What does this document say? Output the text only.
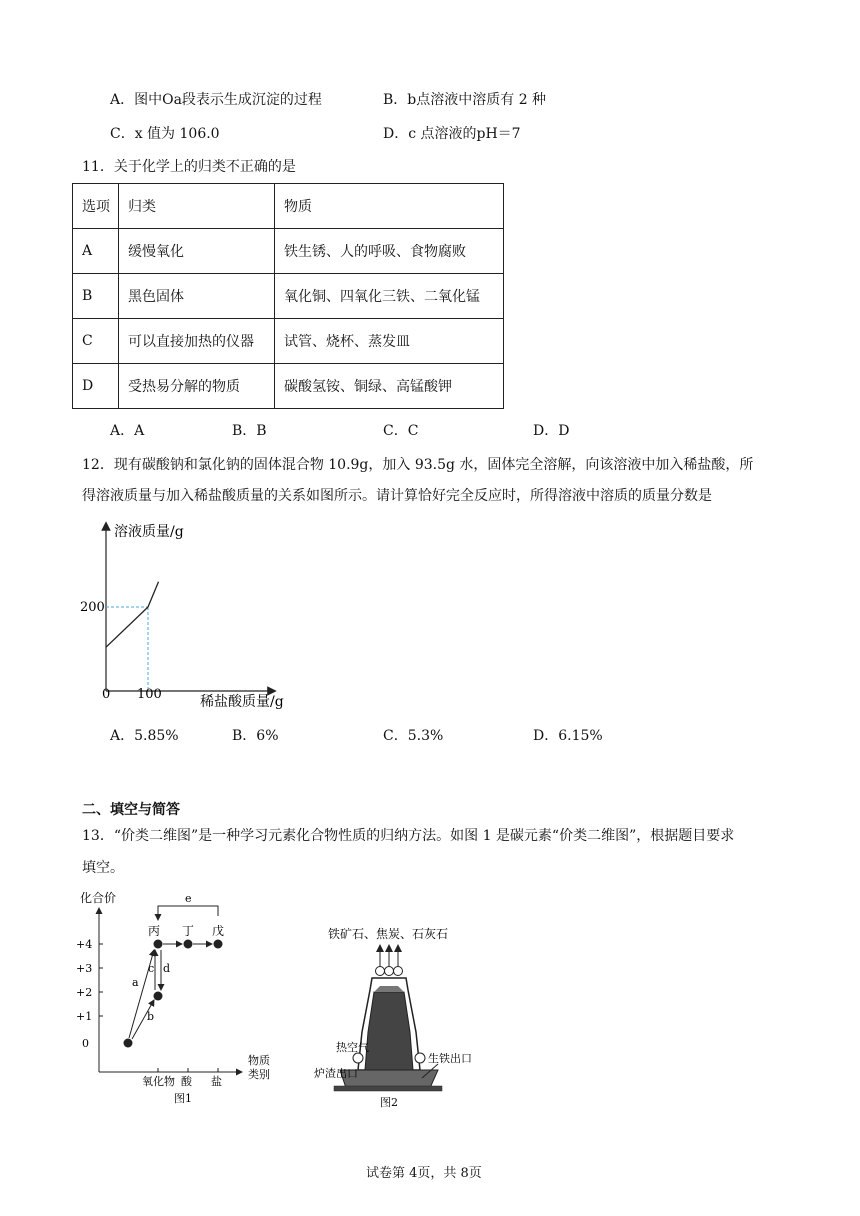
A．图中Oa段表示生成沉淀的过程	B．b点溶液中溶质有 2 种
C．x 值为 106.0	D．c 点溶液的pH＝7
11．关于化学上的归类不正确的是
选项	归类	物质
A	缓慢氧化	铁生锈、人的呼吸、食物腐败
B	黑色固体	氧化铜、四氧化三铁、二氧化锰
C	可以直接加热的仪器	试管、烧杯、蒸发皿
D	受热易分解的物质	碳酸氢铵、铜绿、高锰酸钾
A．A	B．B	C．C	D．D
12．现有碳酸钠和氯化钠的固体混合物 10.9g，加入 93.5g 水，固体完全溶解，向该溶液中加入稀盐酸，所
得溶液质量与加入稀盐酸质量的关系如图所示。请计算恰好完全反应时，所得溶液中溶质的质量分数是
溶液质量/g
稀盐酸质量/g
0 100
200
A．5.85%	B．6%	C．5.3%	D．6.15%
二、填空与简答
13．“价类二维图”是一种学习元素化合物性质的归纳方法。如图 1 是碳元素“价类二维图”，根据题目要求
填空。
化合价
+4
+3
+2
+1
0
氧化物 酸 盐
物质
类别
图1
丙 丁 戊
a
b
c d
e
铁矿石、焦炭、石灰石
热空气
炉渣出口
生铁出口
图2
试卷第 4页，共 8页
